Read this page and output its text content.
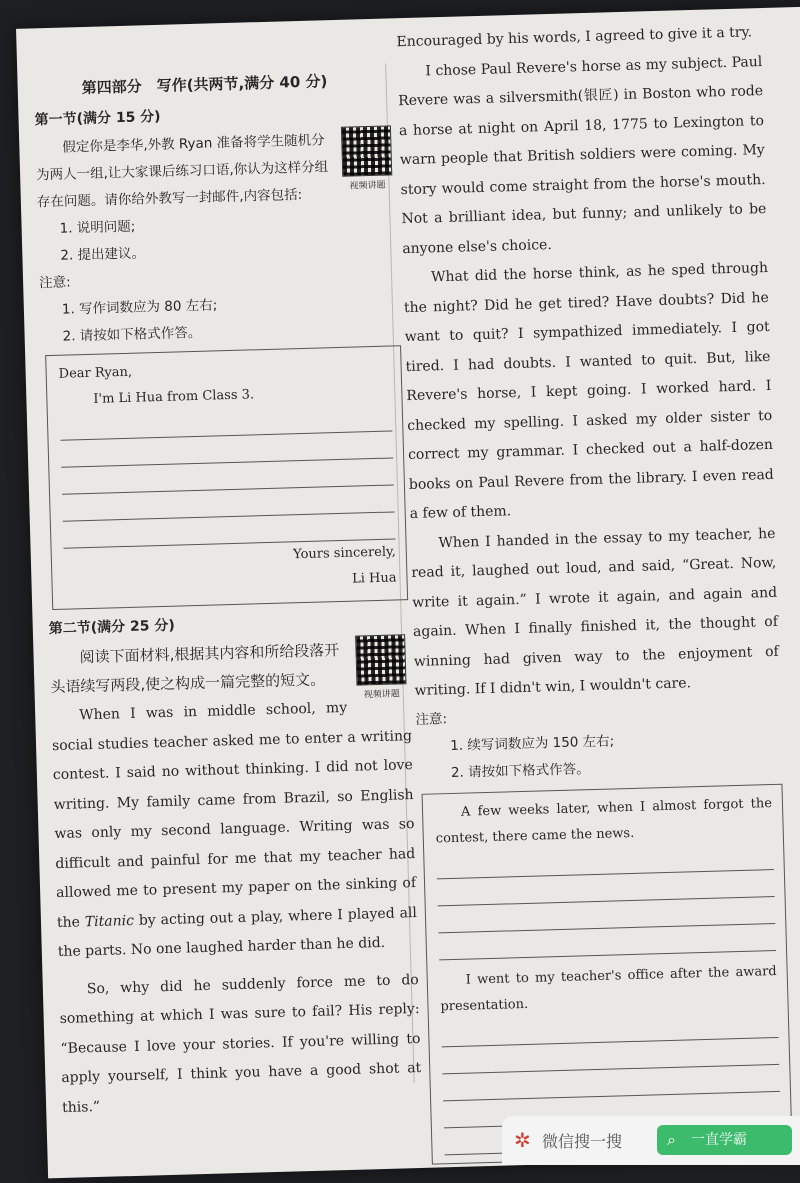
第四部分　写作(共两节,满分 40 分)
第一节(满分 15 分)
视频讲题

假定你是李华,外教 Ryan 准备将学生随机分为两人一组,让大家课后练习口语,你认为这样分组存在问题。请你给外教写一封邮件,内容包括:

1. 说明问题;
2. 提出建议。
注意:
1. 写作词数应为 80 左右;
2. 请按如下格式作答。
Dear Ryan,
I'm Li Hua from Class 3.
Yours sincerely,
Li Hua
第二节(满分 25 分)
视频讲题

阅读下面材料,根据其内容和所给段落开头语续写两段,使之构成一篇完整的短文。

When I was in middle school, my social studies teacher asked me to enter a writing contest. I said no without thinking. I did not love writing. My family came from Brazil, so English was only my second language. Writing was so difficult and painful for me that my teacher had allowed me to present my paper on the sinking of the Titanic by acting out a play, where I played all the parts. No one laughed harder than he did.

So, why did he suddenly force me to do something at which I was sure to fail? His reply: “Because I love your stories. If you're willing to apply yourself, I think you have a good shot at this.”

Encouraged by his words, I agreed to give it a try.

I chose Paul Revere's horse as my subject. Paul Revere was a silversmith(银匠) in Boston who rode a horse at night on April 18, 1775 to Lexington to warn people that British soldiers were coming. My story would come straight from the horse's mouth. Not a brilliant idea, but funny; and unlikely to be anyone else's choice.

What did the horse think, as he sped through the night? Did he get tired? Have doubts? Did he want to quit? I sympathized immediately. I got tired. I had doubts. I wanted to quit. But, like Revere's horse, I kept going. I worked hard. I checked my spelling. I asked my older sister to correct my grammar. I checked out a half-dozen books on Paul Revere from the library. I even read a few of them.

When I handed in the essay to my teacher, he read it, laughed out loud, and said, “Great. Now, write it again.” I wrote it again, and again and again. When I finally finished it, the thought of winning had given way to the enjoyment of writing. If I didn't win, I wouldn't care.

注意:
1. 续写词数应为 150 左右;
2. 请按如下格式作答。

A few weeks later, when I almost forgot the contest, there came the news.

I went to my teacher's office after the award presentation.

✲ 微信搜一搜	⌕ 一直学霸
